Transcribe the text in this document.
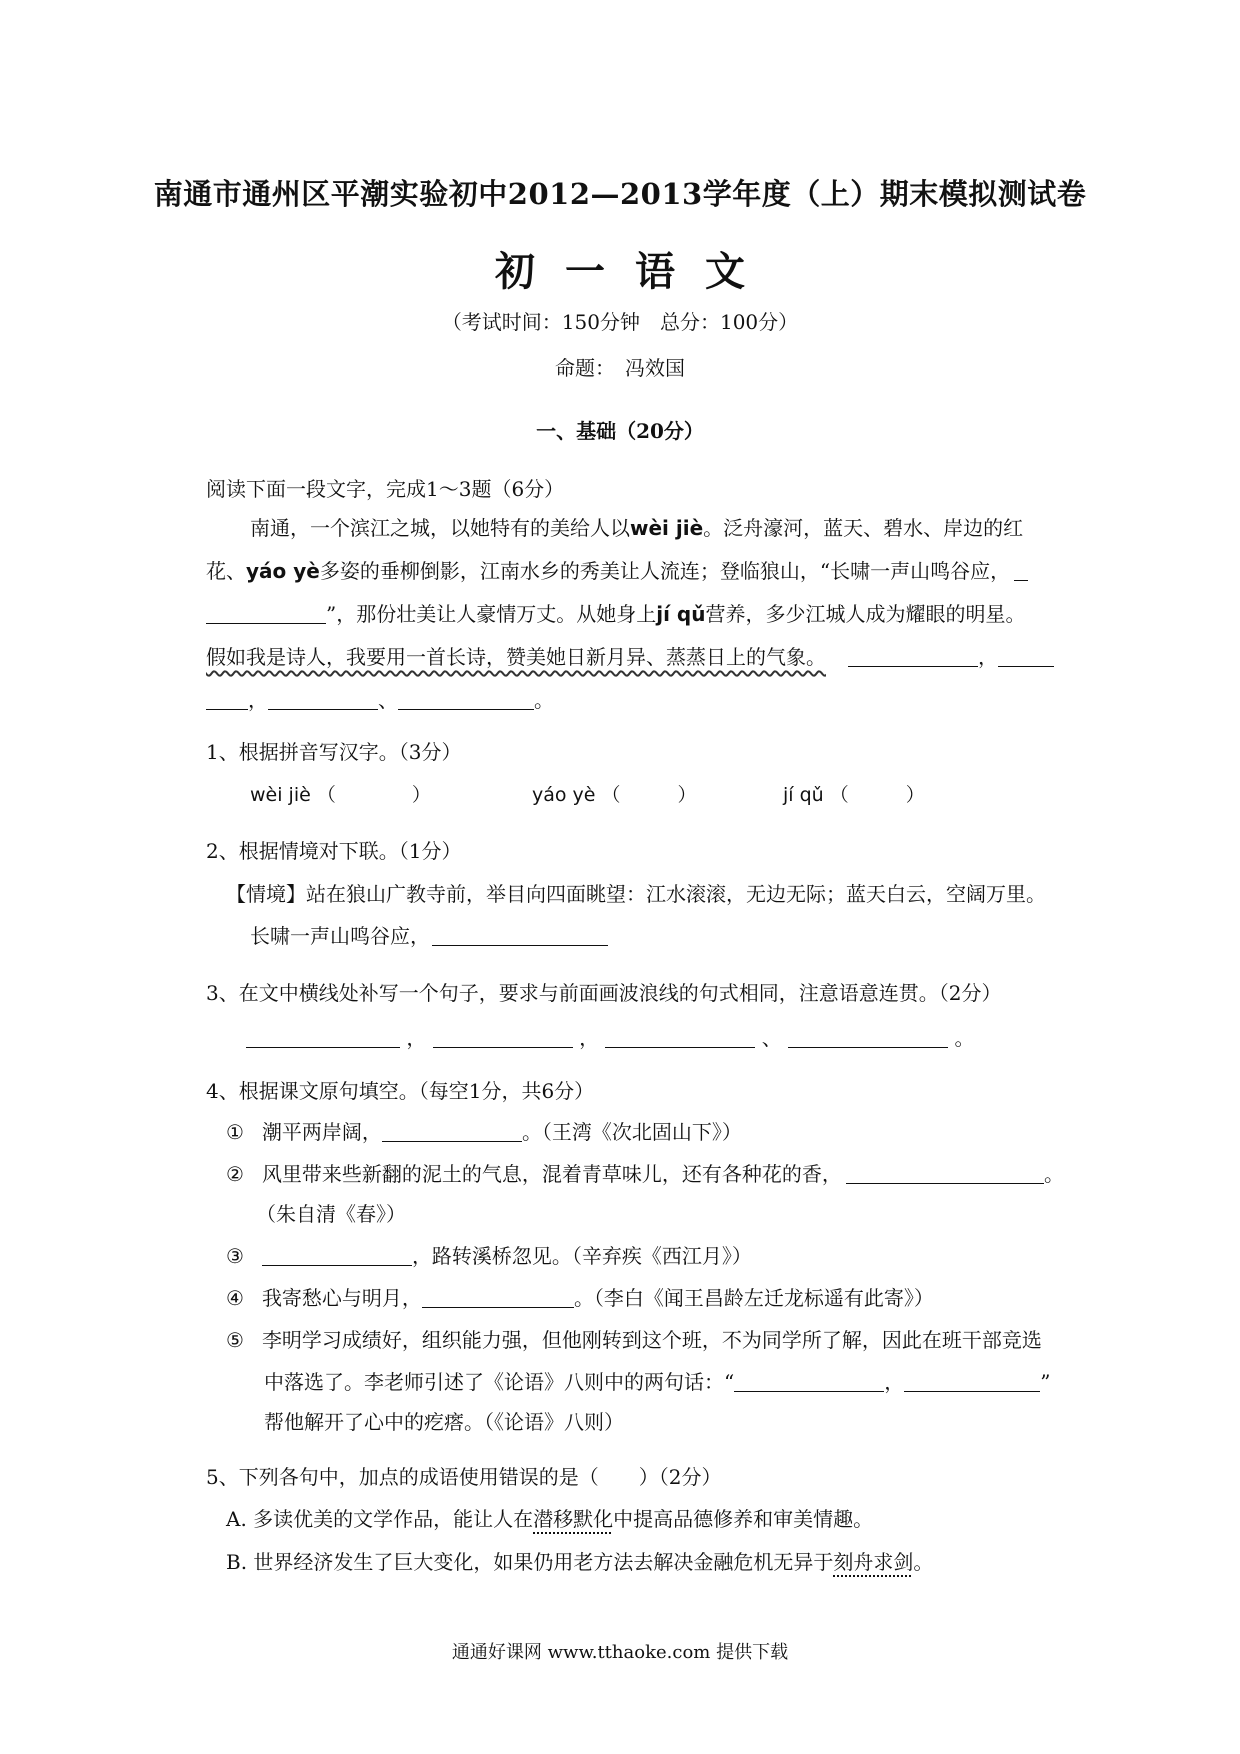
南通市通州区平潮实验初中2012—2013学年度（上）期末模拟测试卷
初一语文
（考试时间：150分钟　总分：100分）
命题：　冯效国
一、基础（20分）
阅读下面一段文字，完成1～3题（6分）
南通，一个滨江之城，以她特有的美给人以wèi jiè。泛舟濠河，蓝天、碧水、岸边的红
花、yáo yè多姿的垂柳倒影，江南水乡的秀美让人流连；登临狼山，“长啸一声山鸣谷应，
”，那份壮美让人豪情万丈。从她身上jí qǔ营养，多少江城人成为耀眼的明星。
假如我是诗人，我要用一首长诗，赞美她日新月异、蒸蒸日上的气象。	，
，	、	。
1、根据拼音写汉字。（3分）
wèi jiè （　　　　）	yáo yè （　　　）	jí qǔ （　　　）
2、根据情境对下联。（1分）
【情境】站在狼山广教寺前，举目向四面眺望：江水滚滚，无边无际；蓝天白云，空阔万里。
长啸一声山鸣谷应，
3、在文中横线处补写一个句子，要求与前面画波浪线的句式相同，注意语意连贯。（2分）
，	，	、	。
4、根据课文原句填空。（每空1分，共6分）
① 潮平两岸阔，	。（王湾《次北固山下》）
② 风里带来些新翻的泥土的气息，混着青草味儿，还有各种花的香，	。
（朱自清《春》）
③	，路转溪桥忽见。（辛弃疾《西江月》）
④ 我寄愁心与明月，	。（李白《闻王昌龄左迁龙标遥有此寄》）
⑤ 李明学习成绩好，组织能力强，但他刚转到这个班，不为同学所了解，因此在班干部竞选
中落选了。李老师引述了《论语》八则中的两句话：“	，	”
帮他解开了心中的疙瘩。（《论语》八则）
5、下列各句中，加点的成语使用错误的是（　　）（2分）
A. 多读优美的文学作品，能让人在潜移默化中提高品德修养和审美情趣。
B. 世界经济发生了巨大变化，如果仍用老方法去解决金融危机无异于刻舟求剑。
通通好课网 www.tthaoke.com 提供下载
